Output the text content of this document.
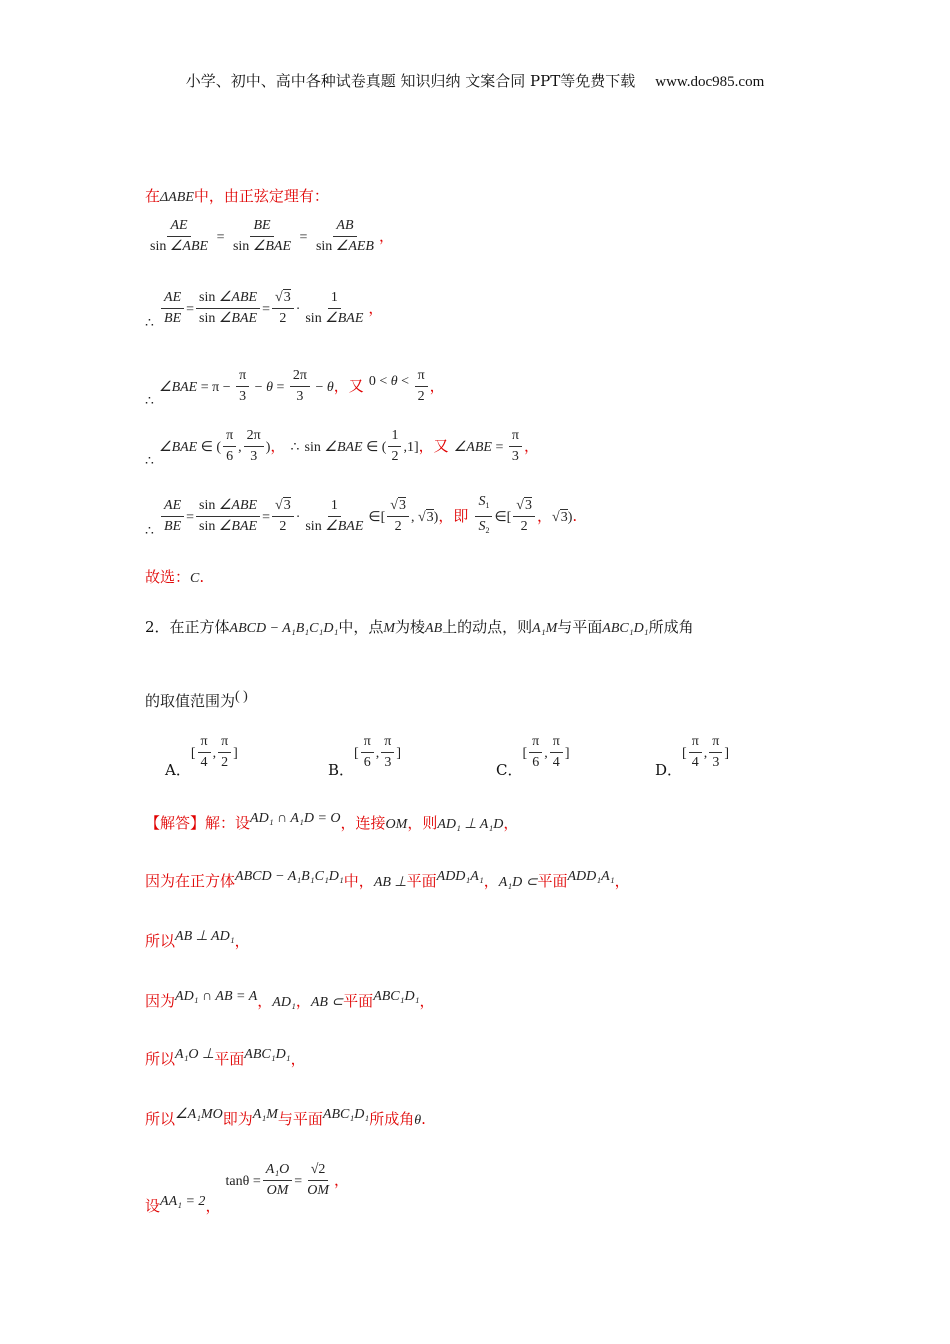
小学、初中、高中各种试卷真题 知识归纳 文案合同 PPT等免费下载 www.doc985.com
在ΔABE中，由正弦定理有：
$\frac{AE}{\text{sin ∠ABE}} = \frac{BE}{\text{sin ∠BAE}} = \frac{AB}{\text{sin ∠AEB}}$ ，
∴ $\frac{AE}{BE} = \frac{\text{sin ∠ABE}}{\text{sin ∠BAE}} = \frac{√3}{2} \cdot \frac{1}{\text{sin ∠BAE}}$ ，
∴ ∠BAE = $\pi - \frac{\pi}{3} - \theta = \frac{2\pi}{3} - \theta$，又 $0 < \theta < \frac{\pi}{2}$ ，
∴ ∠BAE ∈ ( $\frac{\pi}{6}$ , $\frac{2\pi}{3}$ )， ∴ sin ∠BAE ∈ ( $\frac{1}{2} ,1$]，又 ∠ABE = $\frac{\pi}{3}$ ，
∴ $\frac{AE}{BE} = \frac{\text{sin ∠ABE}}{\text{sin ∠BAE}} = \frac{√3}{2} \cdot \frac{1}{\text{sin ∠BAE}}$ ∈[ $\frac{√3}{2}$ , √3)，即 $\frac{S_1}{S_2}$ ∈[ $\frac{√3}{2}$ ，√3).
故选：C.
2．在正方体ABCD − A₁B₁C₁D₁中，点M为棱AB上的动点，则A₁M与平面ABC₁D₁所成角
的取值范围为( )
A．[ $\frac{\pi}{4}$ , $\frac{\pi}{2}$ ]
B．[ $\frac{\pi}{6}$ , $\frac{\pi}{3}$ ]
C．[ $\frac{\pi}{6}$ , $\frac{\pi}{4}$ ]
D．[ $\frac{\pi}{4}$ , $\frac{\pi}{3}$ ]
【解答】解：设AD₁ ∩ A₁D = O，连接OM，则AD₁ ⊥ A₁D，
因为在正方体ABCD − A₁B₁C₁D₁中，AB ⊥平面ADD₁A₁，A₁D ⊂平面ADD₁A₁，
所以AB ⊥ AD₁，
因为AD₁ ∩ AB = A，AD₁，AB ⊂平面ABC₁D₁，
所以A₁O ⊥平面ABC₁D₁，
所以∠A₁MO即为A₁M与平面ABC₁D₁所成角θ.
设AA₁ = 2， $\tan\theta = \frac{\text{A₁O}}{OM} = \frac{√2}{OM}$ ，
